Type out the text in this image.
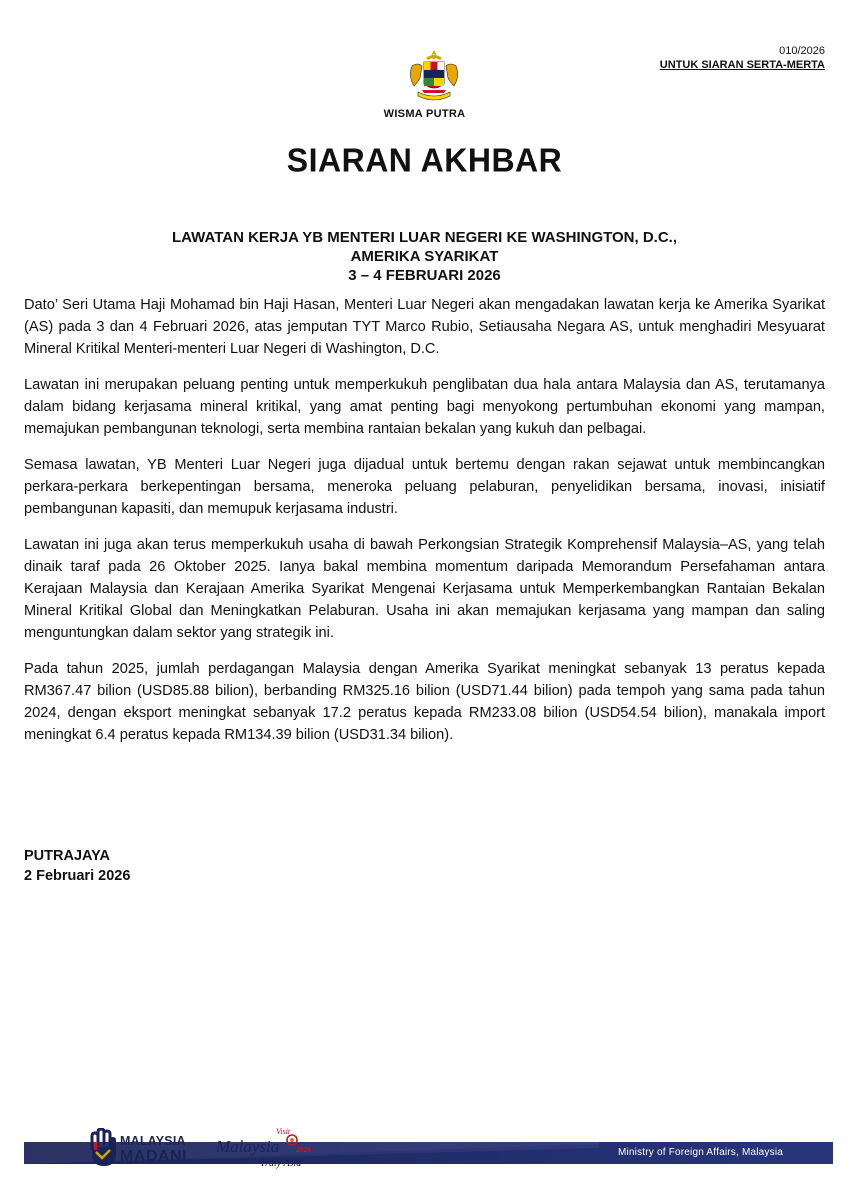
010/2026
UNTUK SIARAN SERTA-MERTA
WISMA PUTRA
SIARAN AKHBAR
LAWATAN KERJA YB MENTERI LUAR NEGERI KE WASHINGTON, D.C.,
AMERIKA SYARIKAT
3 – 4 FEBRUARI 2026

Dato’ Seri Utama Haji Mohamad bin Haji Hasan, Menteri Luar Negeri akan mengadakan lawatan kerja ke Amerika Syarikat (AS) pada 3 dan 4 Februari 2026, atas jemputan TYT Marco Rubio, Setiausaha Negara AS, untuk menghadiri Mesyuarat Mineral Kritikal Menteri-menteri Luar Negeri di Washington, D.C.

Lawatan ini merupakan peluang penting untuk memperkukuh penglibatan dua hala antara Malaysia dan AS, terutamanya dalam bidang kerjasama mineral kritikal, yang amat penting bagi menyokong pertumbuhan ekonomi yang mampan, memajukan pembangunan teknologi, serta membina rantaian bekalan yang kukuh dan pelbagai.

Semasa lawatan, YB Menteri Luar Negeri juga dijadual untuk bertemu dengan rakan sejawat untuk membincangkan perkara-perkara berkepentingan bersama, meneroka peluang pelaburan, penyelidikan bersama, inovasi, inisiatif pembangunan kapasiti, dan memupuk kerjasama industri.

Lawatan ini juga akan terus memperkukuh usaha di bawah Perkongsian Strategik Komprehensif Malaysia–AS, yang telah dinaik taraf pada 26 Oktober 2025. Ianya bakal membina momentum daripada Memorandum Persefahaman antara Kerajaan Malaysia dan Kerajaan Amerika Syarikat Mengenai Kerjasama untuk Memperkembangkan Rantaian Bekalan Mineral Kritikal Global dan Meningkatkan Pelaburan. Usaha ini akan memajukan kerjasama yang mampan dan saling menguntungkan dalam sektor yang strategik ini.

Pada tahun 2025, jumlah perdagangan Malaysia dengan Amerika Syarikat meningkat sebanyak 13 peratus kepada RM367.47 bilion (USD85.88 bilion), berbanding RM325.16 bilion (USD71.44 bilion) pada tempoh yang sama pada tahun 2024, dengan eksport meningkat sebanyak 17.2 peratus kepada RM233.08 bilion (USD54.54 bilion), manakala import meningkat 6.4 peratus kepada RM134.39 bilion (USD31.34 bilion).

PUTRAJAYA
2 Februari 2026
Ministry of Foreign Affairs, Malaysia
MALAYSIA
MADANI
Visit
Malaysia 2026
Truly Asia
